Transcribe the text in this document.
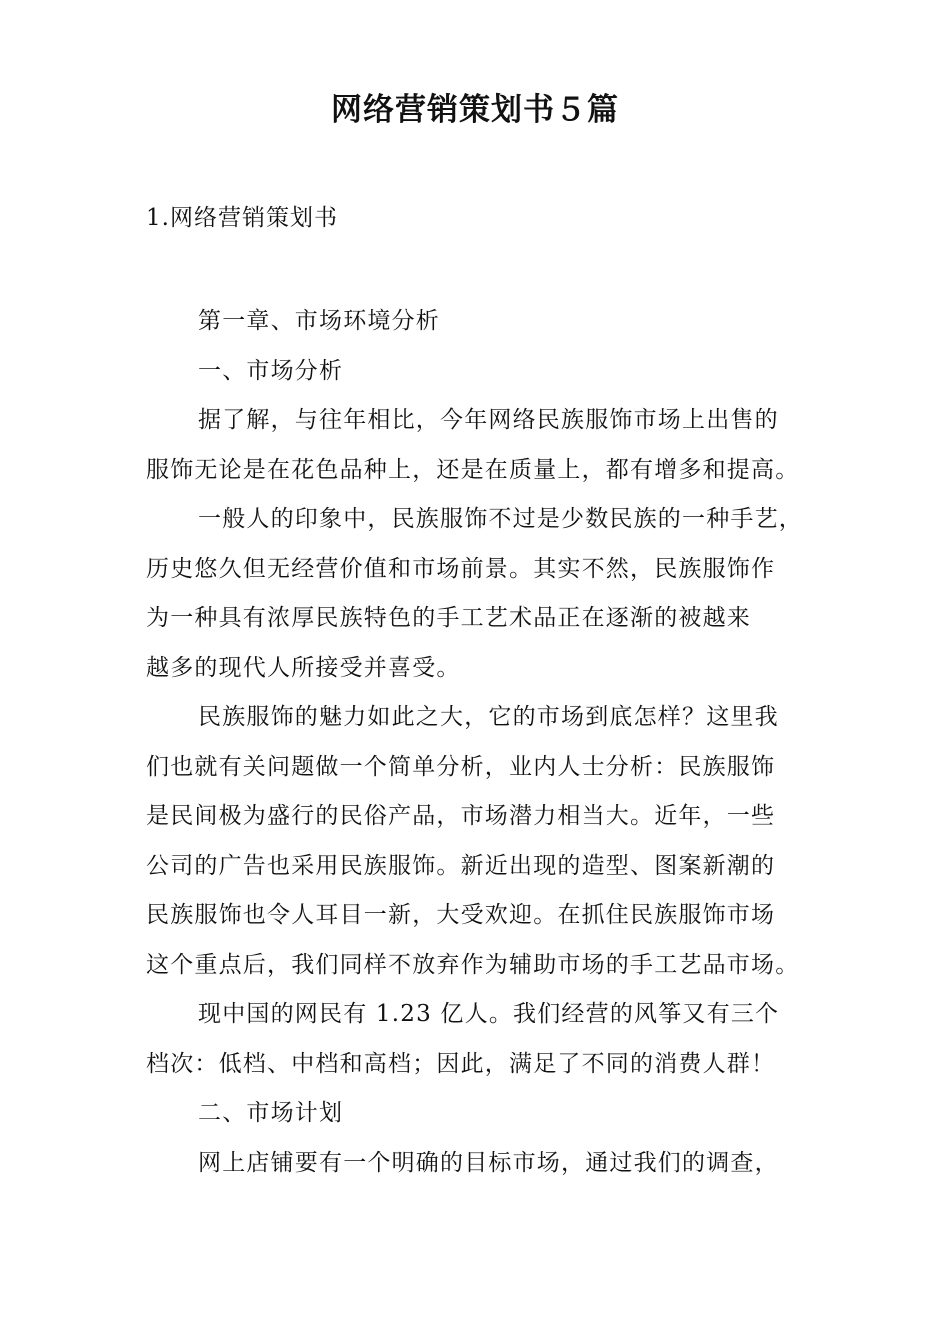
网络营销策划书５篇
1.网络营销策划书
第一章、市场环境分析
一、市场分析
据了解，与往年相比，今年网络民族服饰市场上出售的
服饰无论是在花色品种上，还是在质量上，都有增多和提高。
一般人的印象中，民族服饰不过是少数民族的一种手艺，
历史悠久但无经营价值和市场前景。其实不然，民族服饰作
为一种具有浓厚民族特色的手工艺术品正在逐渐的被越来
越多的现代人所接受并喜受。
民族服饰的魅力如此之大，它的市场到底怎样？这里我
们也就有关问题做一个简单分析，业内人士分析：民族服饰
是民间极为盛行的民俗产品，市场潜力相当大。近年，一些
公司的广告也采用民族服饰。新近出现的造型、图案新潮的
民族服饰也令人耳目一新，大受欢迎。在抓住民族服饰市场
这个重点后，我们同样不放弃作为辅助市场的手工艺品市场。
现中国的网民有 1.23 亿人。我们经营的风筝又有三个
档次：低档、中档和高档；因此，满足了不同的消费人群！
二、市场计划
网上店铺要有一个明确的目标市场，通过我们的调查，
